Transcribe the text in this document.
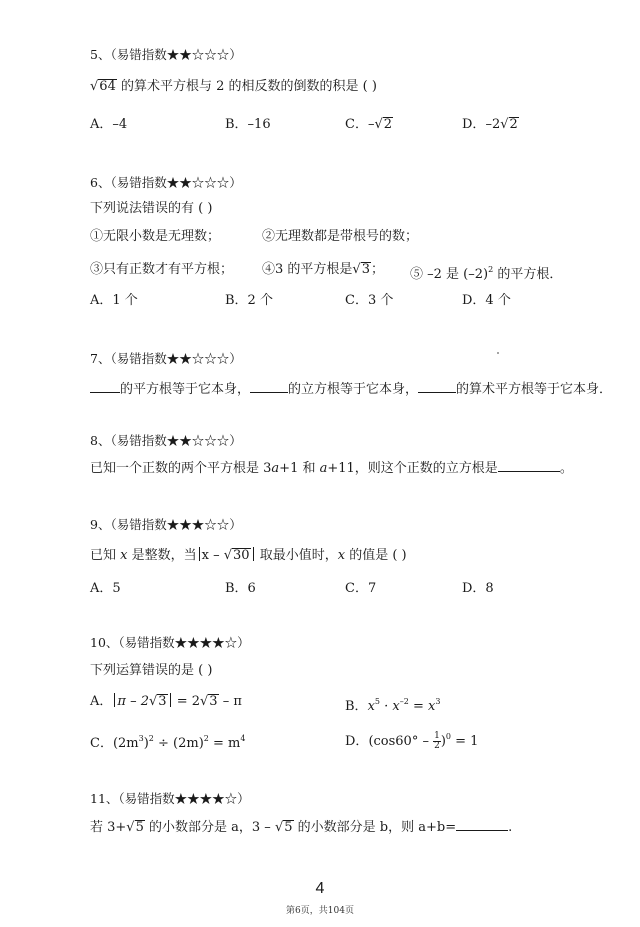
5、（易错指数★★☆☆☆）
√64 的算术平方根与 2 的相反数的倒数的积是 ( )
A．–4	B．–16	C．–√2	D．–2√2
6、（易错指数★★☆☆☆）
下列说法错误的有 ( )
①无限小数是无理数；	②无理数都是带根号的数；
③只有正数才有平方根； ④3 的平方根是√3； ⑤ –2 是 $(-2)^2$ 的平方根．
A．1 个	B．2 个	C．3 个	D．4 个
7、（易错指数★★☆☆☆）
的平方根等于它本身，	的立方根等于它本身，	的算术平方根等于它本身．
8、（易错指数★★☆☆☆）
已知一个正数的两个平方根是 3a+1 和 a+11，则这个正数的立方根是	。
9、（易错指数★★★☆☆）
已知 x 是整数，当 x – √30 取最小值时，x 的值是 ( )
A．5	B．6	C．7	D．8
10、（易错指数★★★★☆）
下列运算错误的是 ( )
A． π – 2√3 = 2√3 – π	B．$x^5 \cdot x^{-2} = x^3$
C．$(2m^3)^2 \div (2m)^2 = m^4$	D．$(\cos 60^\circ - \frac{1}{2} )^0 = 1$
11、（易错指数★★★★☆）
若 3+√5 的小数部分是 a，3 – √5 的小数部分是 b，则 a+b=	.
4
第6页，共104页
